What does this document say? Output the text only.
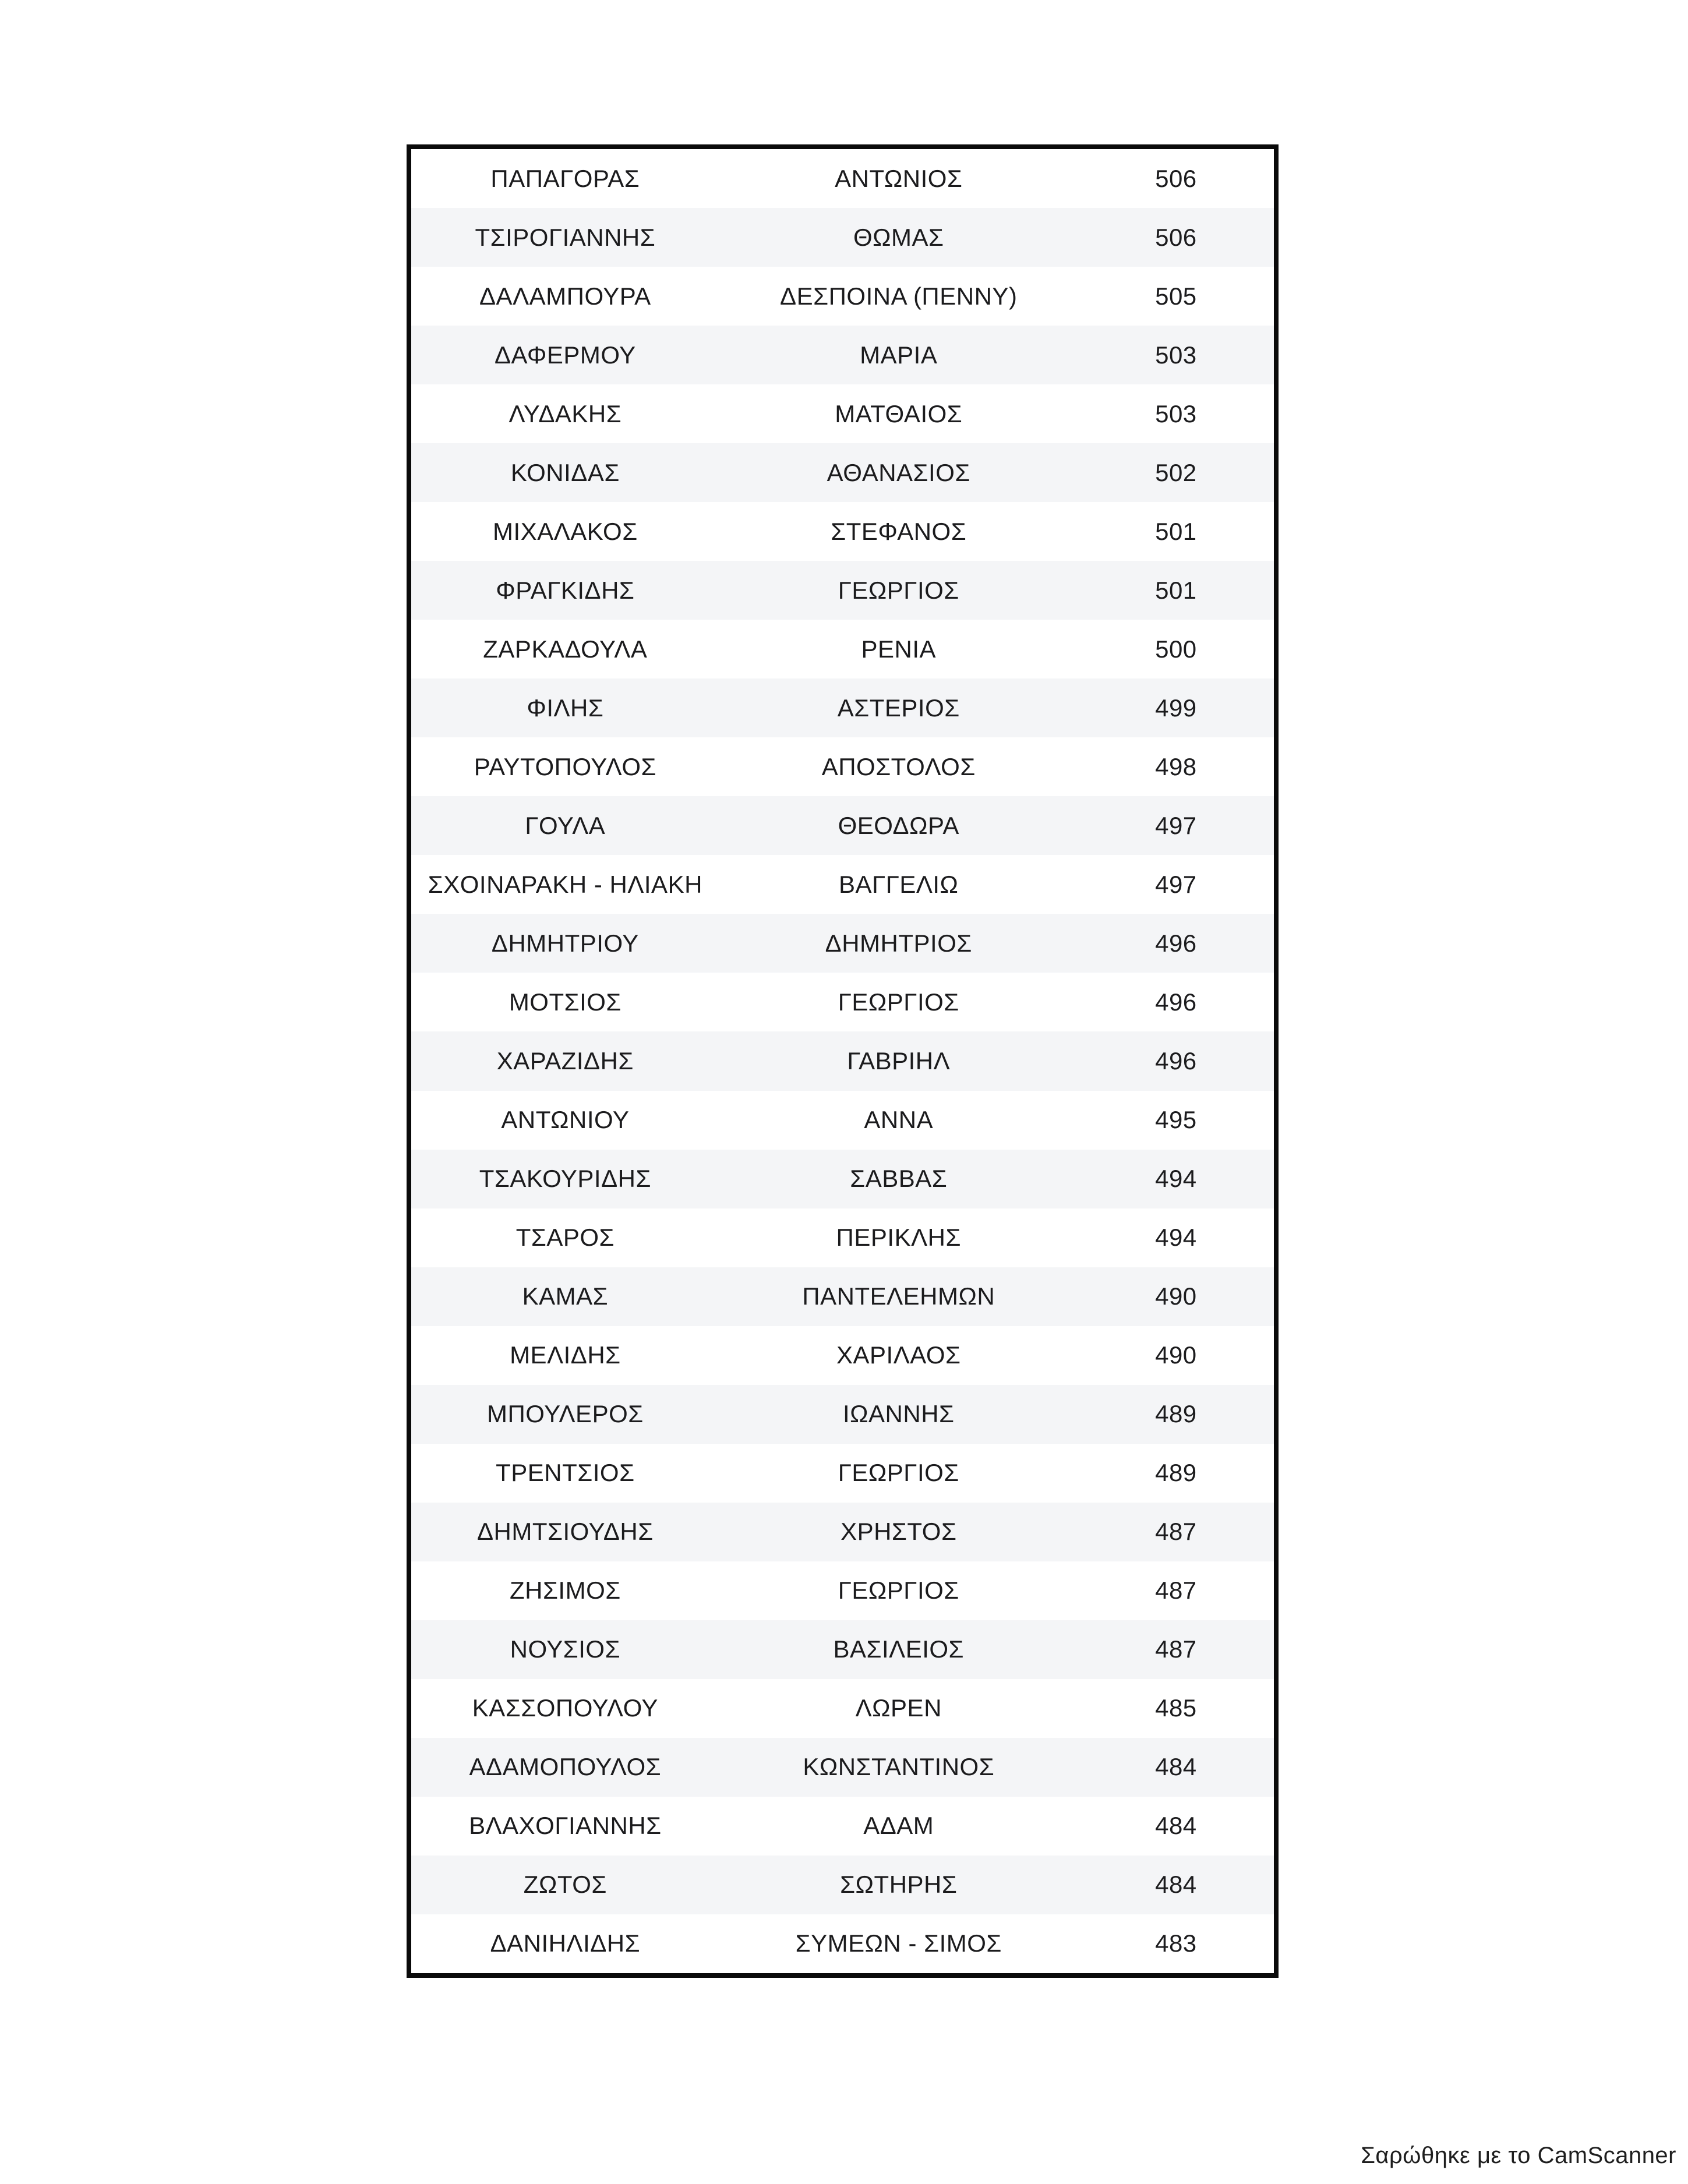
ΠΑΠΑΓΟΡΑΣ	ΑΝΤΩΝΙΟΣ	506
ΤΣΙΡΟΓΙΑΝΝΗΣ	ΘΩΜΑΣ	506
ΔΑΛΑΜΠΟΥΡΑ	ΔΕΣΠΟΙΝΑ (ΠΕΝΝΥ)	505
ΔΑΦΕΡΜΟΥ	ΜΑΡΙΑ	503
ΛΥΔΑΚΗΣ	ΜΑΤΘΑΙΟΣ	503
ΚΟΝΙΔΑΣ	ΑΘΑΝΑΣΙΟΣ	502
ΜΙΧΑΛΑΚΟΣ	ΣΤΕΦΑΝΟΣ	501
ΦΡΑΓΚΙΔΗΣ	ΓΕΩΡΓΙΟΣ	501
ΖΑΡΚΑΔΟΥΛΑ	ΡΕΝΙΑ	500
ΦΙΛΗΣ	ΑΣΤΕΡΙΟΣ	499
ΡΑΥΤΟΠΟΥΛΟΣ	ΑΠΟΣΤΟΛΟΣ	498
ΓΟΥΛΑ	ΘΕΟΔΩΡΑ	497
ΣΧΟΙΝΑΡΑΚΗ - ΗΛΙΑΚΗ	ΒΑΓΓΕΛΙΩ	497
ΔΗΜΗΤΡΙΟΥ	ΔΗΜΗΤΡΙΟΣ	496
ΜΟΤΣΙΟΣ	ΓΕΩΡΓΙΟΣ	496
ΧΑΡΑΖΙΔΗΣ	ΓΑΒΡΙΗΛ	496
ΑΝΤΩΝΙΟΥ	ΑΝΝΑ	495
ΤΣΑΚΟΥΡΙΔΗΣ	ΣΑΒΒΑΣ	494
ΤΣΑΡΟΣ	ΠΕΡΙΚΛΗΣ	494
ΚΑΜΑΣ	ΠΑΝΤΕΛΕΗΜΩΝ	490
ΜΕΛΙΔΗΣ	ΧΑΡΙΛΑΟΣ	490
ΜΠΟΥΛΕΡΟΣ	ΙΩΑΝΝΗΣ	489
ΤΡΕΝΤΣΙΟΣ	ΓΕΩΡΓΙΟΣ	489
ΔΗΜΤΣΙΟΥΔΗΣ	ΧΡΗΣΤΟΣ	487
ΖΗΣΙΜΟΣ	ΓΕΩΡΓΙΟΣ	487
ΝΟΥΣΙΟΣ	ΒΑΣΙΛΕΙΟΣ	487
ΚΑΣΣΟΠΟΥΛΟΥ	ΛΩΡΕΝ	485
ΑΔΑΜΟΠΟΥΛΟΣ	ΚΩΝΣΤΑΝΤΙΝΟΣ	484
ΒΛΑΧΟΓΙΑΝΝΗΣ	ΑΔΑΜ	484
ΖΩΤΟΣ	ΣΩΤΗΡΗΣ	484
ΔΑΝΙΗΛΙΔΗΣ	ΣΥΜΕΩΝ - ΣΙΜΟΣ	483
Σαρώθηκε με το CamScanner
